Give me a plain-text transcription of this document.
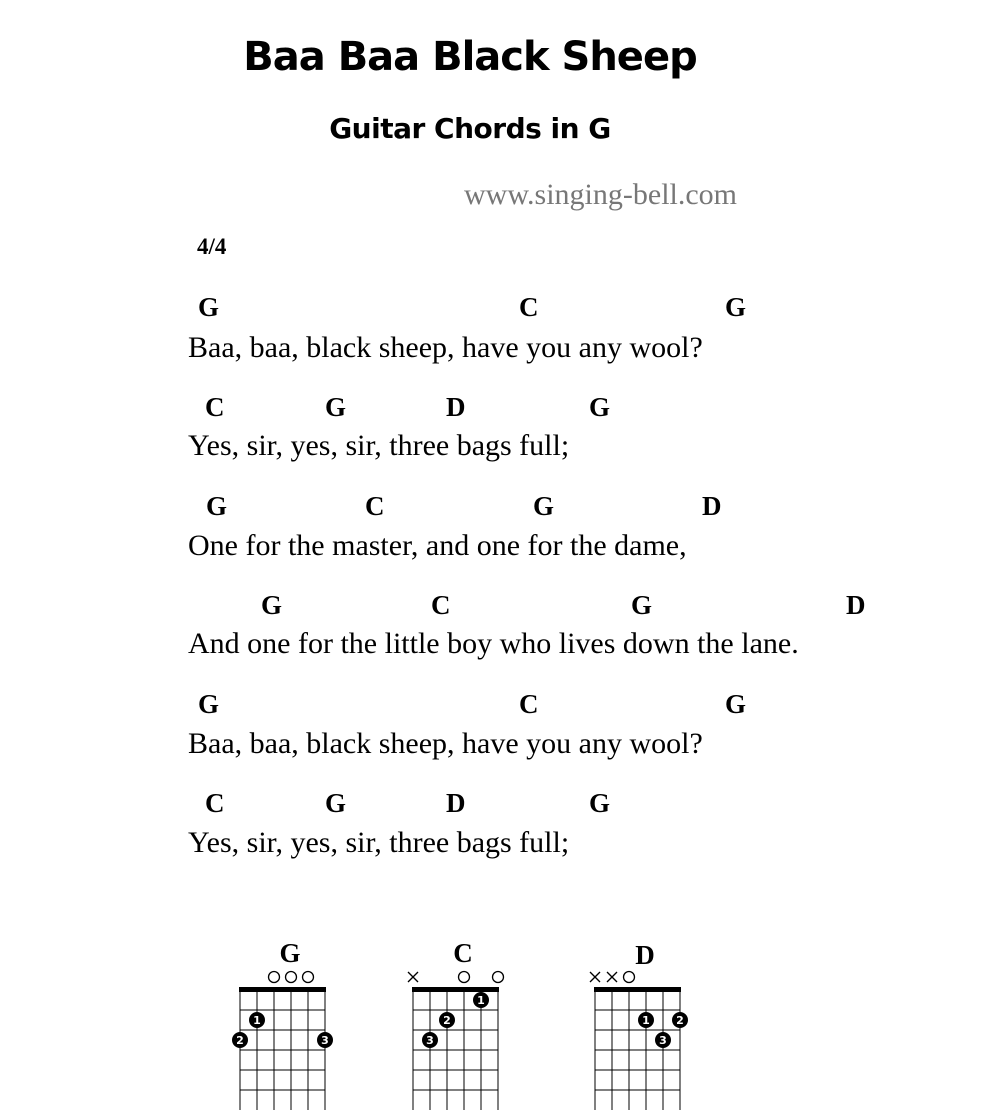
Baa Baa Black Sheep
Guitar Chords in G
www.singing-bell.com
4/4
G	C	G
Baa, baa, black sheep, have you any wool?
C	G	D	G
Yes, sir, yes, sir, three bags full;
G	C	G	D
One for the master, and one for the dame,
G	C	G	D
And one for the little boy who lives down the lane.
G	C	G
Baa, baa, black sheep, have you any wool?
C	G	D	G
Yes, sir, yes, sir, three bags full;
G
2
1
3
C
3
2
1
D
1
3
2
